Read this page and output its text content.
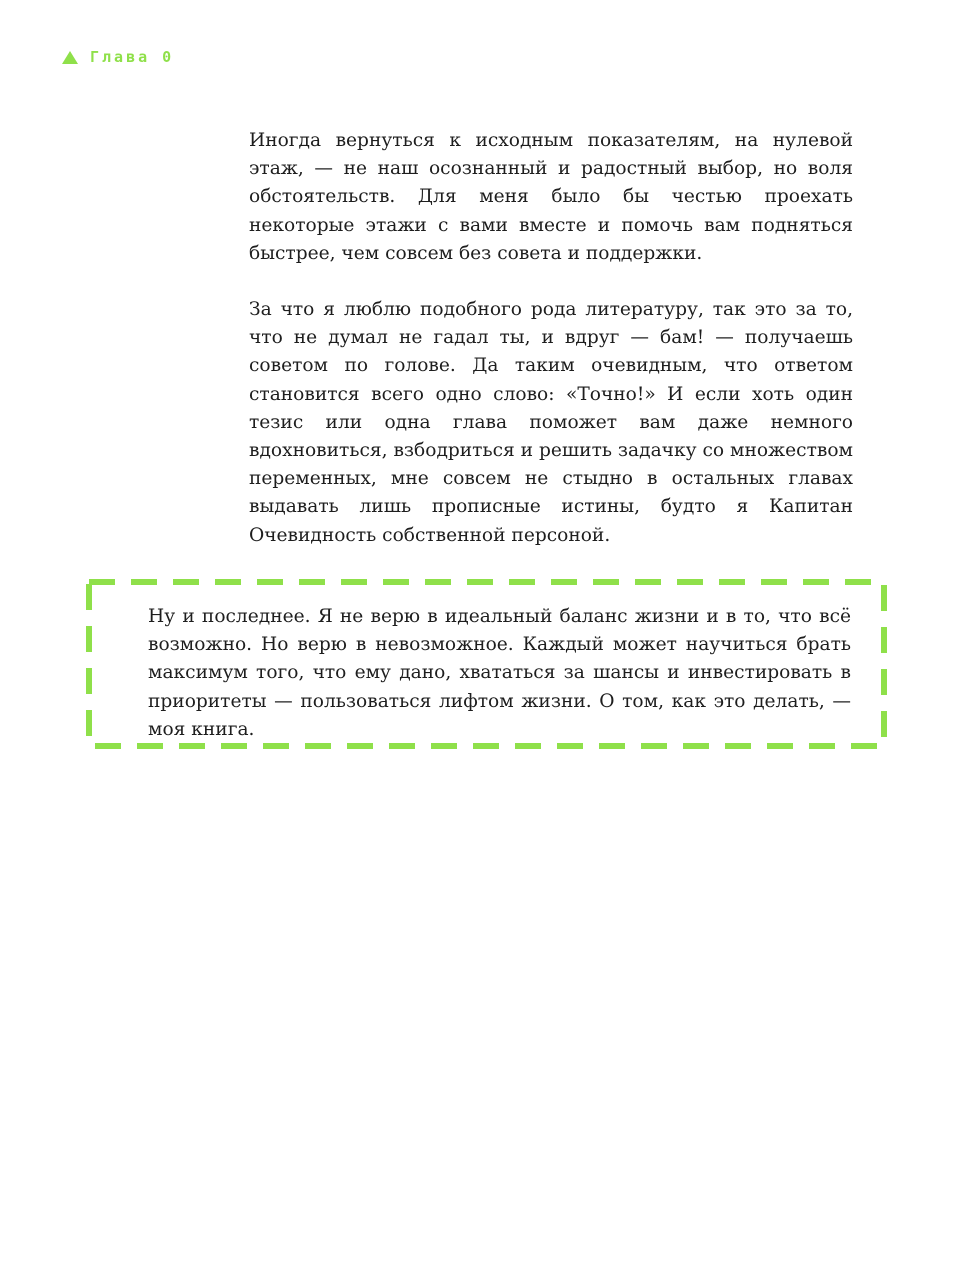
Глава 0

Иногда вернуться к исходным показателям, на нулевой этаж, — не наш осознанный и радостный выбор, но воля обстоятельств. Для меня было бы честью проехать некоторые этажи с вами вместе и помочь вам подняться быстрее, чем совсем без совета и поддержки.

За что я люблю подобного рода литературу, так это за то, что не думал не гадал ты, и вдруг — бам! — получаешь советом по голове. Да таким очевидным, что ответом становится всего одно слово: «Точно!» И если хоть один тезис или одна глава поможет вам даже немного вдохновиться, взбодриться и решить задачку со множеством переменных, мне совсем не стыдно в остальных главах выдавать лишь прописные истины, будто я Капитан Очевидность собственной персоной.

Ну и последнее. Я не верю в идеальный баланс жизни и в то, что всё возможно. Но верю в невозможное. Каждый может научиться брать максимум того, что ему дано, хвататься за шансы и инвестировать в приоритеты — пользоваться лифтом жизни. О том, как это делать, — моя книга.
